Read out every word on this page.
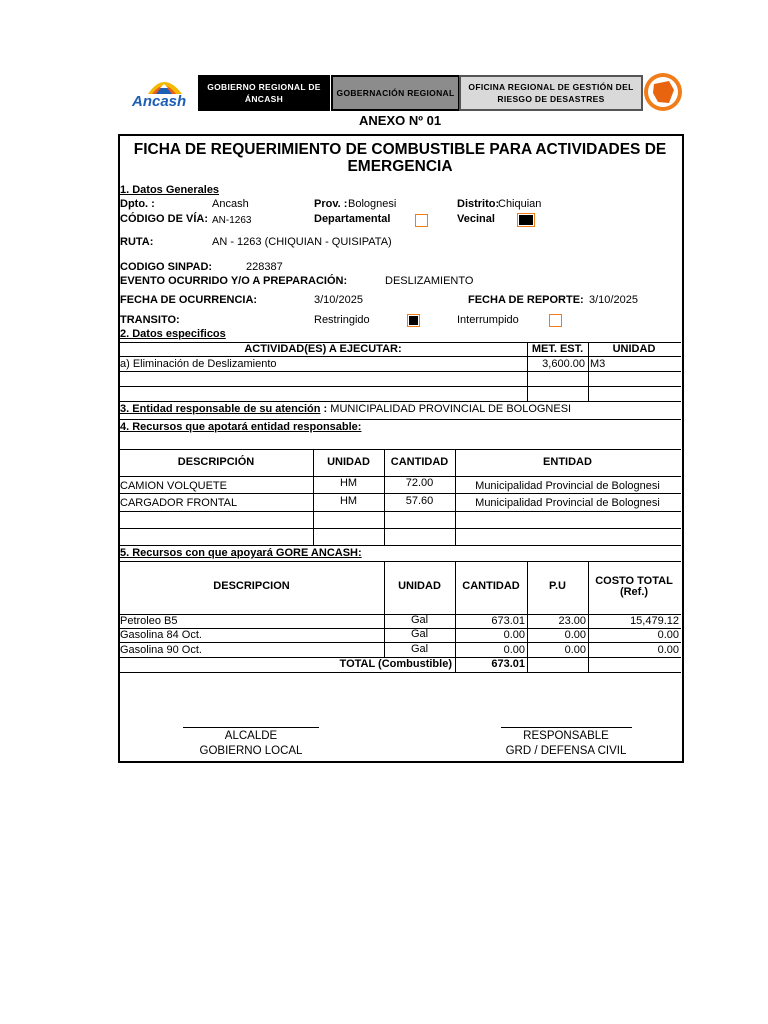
Ancash
GOBIERNO REGIONAL DE ÁNCASH
GOBERNACIÓN REGIONAL
OFICINA REGIONAL DE GESTIÓN DEL RIESGO DE DESASTRES
ANEXO Nº 01
FICHA DE REQUERIMIENTO DE COMBUSTIBLE PARA ACTIVIDADES DE EMERGENCIA
1. Datos Generales
Dpto. :	Ancash	Prov. : Bolognesi	Distrito:
Chiquian
CÓDIGO DE VÍA: AN-1263	Departamental	Vecinal
RUTA:	AN - 1263 (CHIQUIAN - QUISIPATA)
CODIGO SINPAD:	228387
EVENTO OCURRIDO Y/O A PREPARACIÓN:	DESLIZAMIENTO
FECHA DE OCURRENCIA:	3/10/2025	FECHA DE REPORTE: 3/10/2025
TRANSITO:	Restringido	Interrumpido
2. Datos especificos
ACTIVIDAD(ES) A EJECUTAR:	MET. EST.	UNIDAD
a) Eliminación de Deslizamiento	3,600.00 M3
3. Entidad responsable de su atención : MUNICIPALIDAD PROVINCIAL DE BOLOGNESI
4. Recursos que apotará entidad responsable:
DESCRIPCIÓN	UNIDAD	CANTIDAD	ENTIDAD
CAMION VOLQUETE	HM	72.00	Municipalidad Provincial de Bolognesi
CARGADOR FRONTAL	HM	57.60	Municipalidad Provincial de Bolognesi
5. Recursos con que apoyará GORE ANCASH:
DESCRIPCION	UNIDAD	CANTIDAD	P.U	COSTO TOTAL
(Ref.)
Petroleo B5	Gal	673.01	23.00	15,479.12
Gasolina 84 Oct.	Gal	0.00	0.00	0.00
Gasolina 90 Oct.	Gal	0.00	0.00	0.00
TOTAL (Combustible)	673.01
ALCALDE
GOBIERNO LOCAL
RESPONSABLE
GRD / DEFENSA CIVIL
